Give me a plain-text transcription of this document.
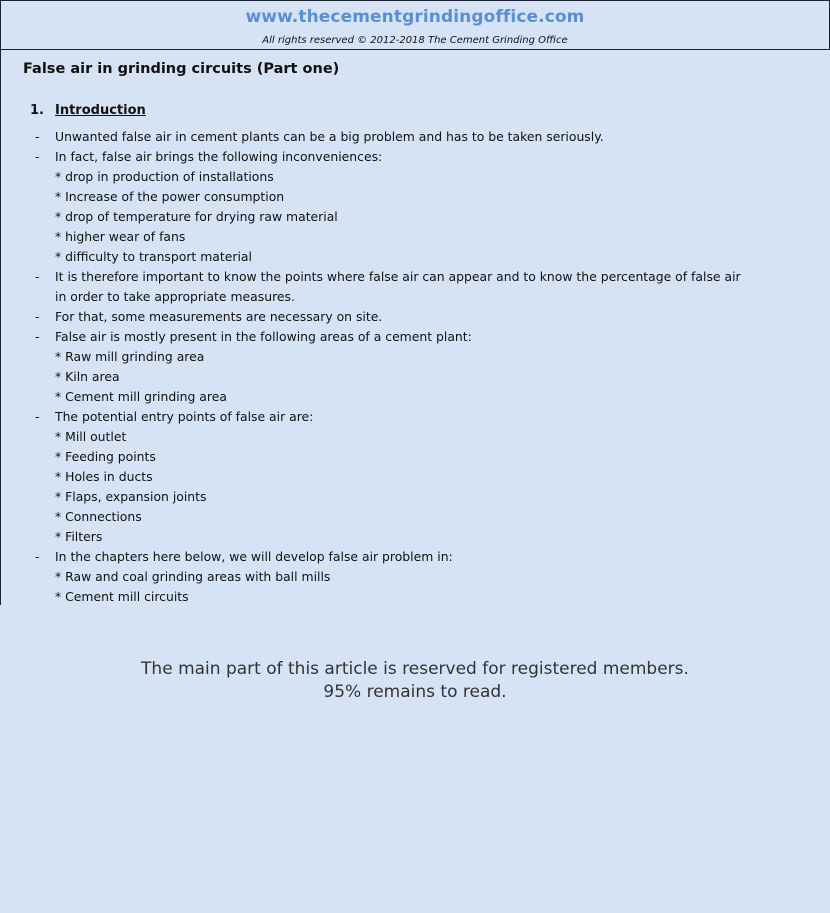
www.thecementgrindingoffice.com
All rights reserved © 2012-2018 The Cement Grinding Office
False air in grinding circuits (Part one)
1. Introduction
- Unwanted false air in cement plants can be a big problem and has to be taken seriously.
- In fact, false air brings the following inconveniences:
* drop in production of installations
* Increase of the power consumption
* drop of temperature for drying raw material
* higher wear of fans
* difficulty to transport material
- It is therefore important to know the points where false air can appear and to know the percentage of false air
in order to take appropriate measures.
- For that, some measurements are necessary on site.
- False air is mostly present in the following areas of a cement plant:
* Raw mill grinding area
* Kiln area
* Cement mill grinding area
- The potential entry points of false air are:
* Mill outlet
* Feeding points
* Holes in ducts
* Flaps, expansion joints
* Connections
* Filters
- In the chapters here below, we will develop false air problem in:
* Raw and coal grinding areas with ball mills
* Cement mill circuits
The main part of this article is reserved for registered members.
95% remains to read.
